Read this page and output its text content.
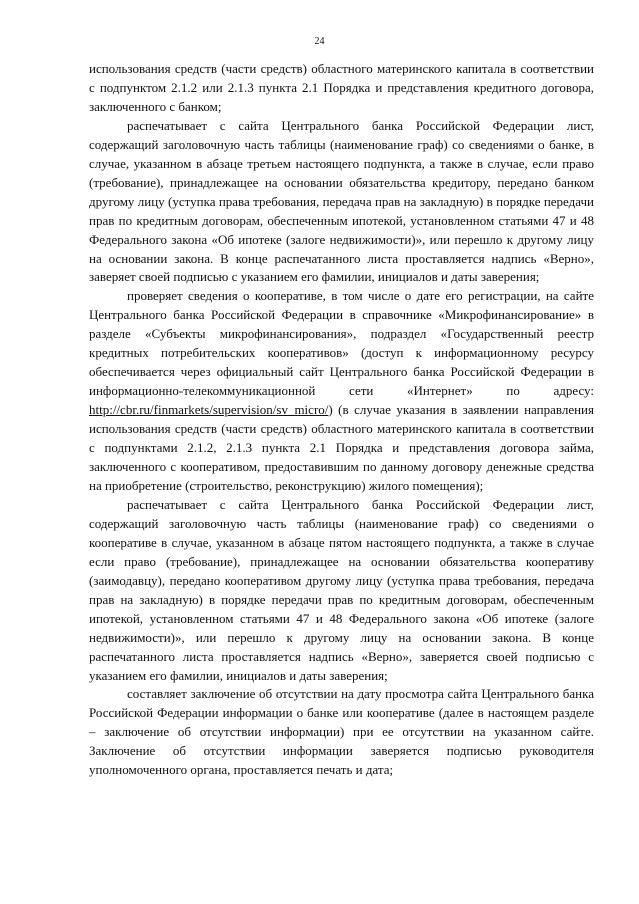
24

использования средств (части средств) областного материнского капитала в соответствии с подпунктом 2.1.2 или 2.1.3 пункта 2.1 Порядка и представления кредитного договора, заключенного с банком;

распечатывает с сайта Центрального банка Российской Федерации лист, содержащий заголовочную часть таблицы (наименование граф) со сведениями о банке, в случае, указанном в абзаце третьем настоящего подпункта, а также в случае, если право (требование), принадлежащее на основании обязательства кредитору, передано банком другому лицу (уступка права требования, передача прав на закладную) в порядке передачи прав по кредитным договорам, обеспеченным ипотекой, установленном статьями 47 и 48 Федерального закона «Об ипотеке (залоге недвижимости)», или перешло к другому лицу на основании закона. В конце распечатанного листа проставляется надпись «Верно», заверяет своей подписью с указанием его фамилии, инициалов и даты заверения;

проверяет сведения о кооперативе, в том числе о дате его регистрации, на сайте Центрального банка Российской Федерации в справочнике «Микрофинансирование» в разделе «Субъекты микрофинансирования», подраздел «Государственный реестр кредитных потребительских кооперативов» (доступ к информационному ресурсу обеспечивается через официальный сайт Центрального банка Российской Федерации в информационно-телекоммуникационной сети «Интернет» по адресу: http://cbr.ru/finmarkets/supervision/sv_micro/) (в случае указания в заявлении направления использования средств (части средств) областного материнского капитала в соответствии с подпунктами 2.1.2, 2.1.3 пункта 2.1 Порядка и представления договора займа, заключенного с кооперативом, предоставившим по данному договору денежные средства на приобретение (строительство, реконструкцию) жилого помещения);

распечатывает с сайта Центрального банка Российской Федерации лист, содержащий заголовочную часть таблицы (наименование граф) со сведениями о кооперативе в случае, указанном в абзаце пятом настоящего подпункта, а также в случае если право (требование), принадлежащее на основании обязательства кооперативу (заимодавцу), передано кооперативом другому лицу (уступка права требования, передача прав на закладную) в порядке передачи прав по кредитным договорам, обеспеченным ипотекой, установленном статьями 47 и 48 Федерального закона «Об ипотеке (залоге недвижимости)», или перешло к другому лицу на основании закона. В конце распечатанного листа проставляется надпись «Верно», заверяется своей подписью с указанием его фамилии, инициалов и даты заверения;

составляет заключение об отсутствии на дату просмотра сайта Центрального банка Российской Федерации информации о банке или кооперативе (далее в настоящем разделе – заключение об отсутствии информации) при ее отсутствии на указанном сайте. Заключение об отсутствии информации заверяется подписью руководителя уполномоченного органа, проставляется печать и дата;
